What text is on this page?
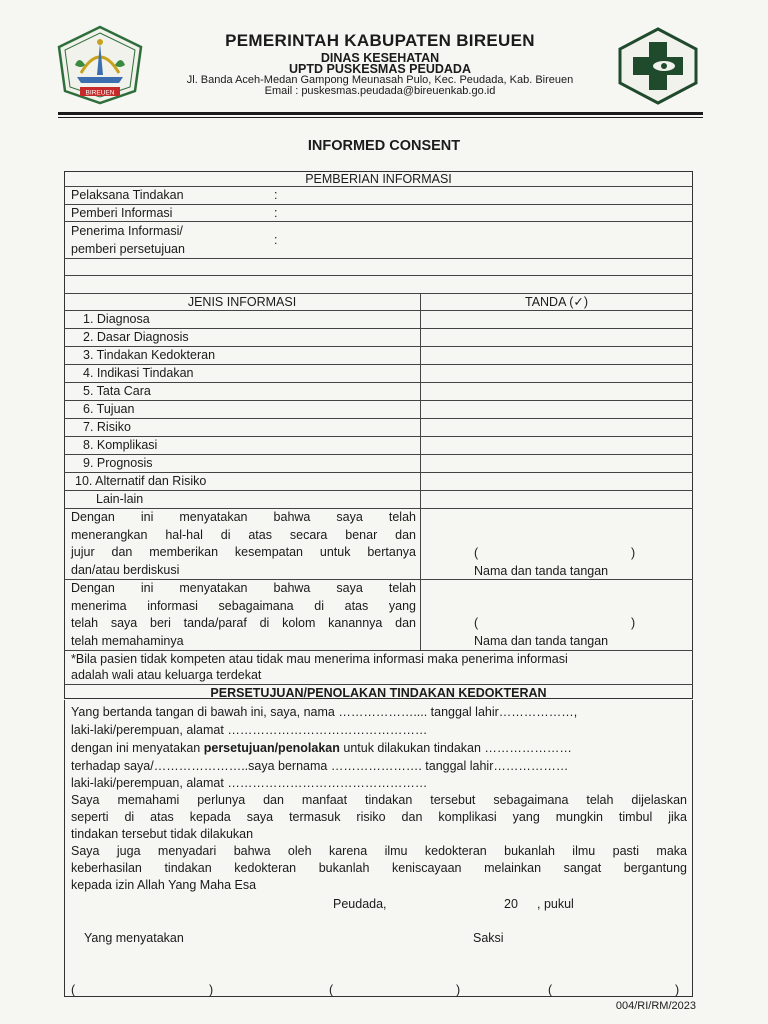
BIREUEN
PEMERINTAH KABUPATEN BIREUEN
DINAS KESEHATAN
UPTD PUSKESMAS PEUDADA
Jl. Banda Aceh-Medan Gampong Meunasah Pulo, Kec. Peudada, Kab. Bireuen
Email : puskesmas.peudada@bireuenkab.go.id
INFORMED CONSENT
PEMBERIAN INFORMASI
Pelaksana Tindakan	:
Pemberi Informasi	:
Penerima Informasi/
pemberi persetujuan
:
JENIS INFORMASI	TANDA (✓)
1. Diagnosa
2. Dasar Diagnosis
3. Tindakan Kedokteran
4. Indikasi Tindakan
5. Tata Cara
6. Tujuan
7. Risiko
8. Komplikasi
9. Prognosis
10. Alternatif dan Risiko
Lain-lain
Dengan ini menyatakan bahwa saya telah
menerangkan hal-hal di atas secara benar dan
jujur dan memberikan kesempatan untuk bertanya
dan/atau berdiskusi
(	)
Nama dan tanda tangan
Dengan ini menyatakan bahwa saya telah
menerima informasi sebagaimana di atas yang
telah saya beri tanda/paraf di kolom kanannya dan
telah memahaminya
(	)
Nama dan tanda tangan
*Bila pasien tidak kompeten atau tidak mau menerima informasi maka penerima informasi
adalah wali atau keluarga terdekat
PERSETUJUAN/PENOLAKAN TINDAKAN KEDOKTERAN
Yang bertanda tangan di bawah ini, saya, nama ……………….... tanggal lahir………………,
laki-laki/perempuan, alamat …………………………………………
dengan ini menyatakan persetujuan/penolakan untuk dilakukan tindakan …………………
terhadap saya/…………………..saya bernama …………………. tanggal lahir………………
laki-laki/perempuan, alamat …………………………………………
Saya memahami perlunya dan manfaat tindakan tersebut sebagaimana telah dijelaskan
seperti di atas kepada saya termasuk risiko dan komplikasi yang mungkin timbul jika
tindakan tersebut tidak dilakukan
Saya juga menyadari bahwa oleh karena ilmu kedokteran bukanlah ilmu pasti maka
keberhasilan tindakan kedokteran bukanlah keniscayaan melainkan sangat bergantung
kepada izin Allah Yang Maha Esa
Peudada,	20 , pukul
Yang menyatakan	Saksi
(	)	(	)	(	)
004/RI/RM/2023
